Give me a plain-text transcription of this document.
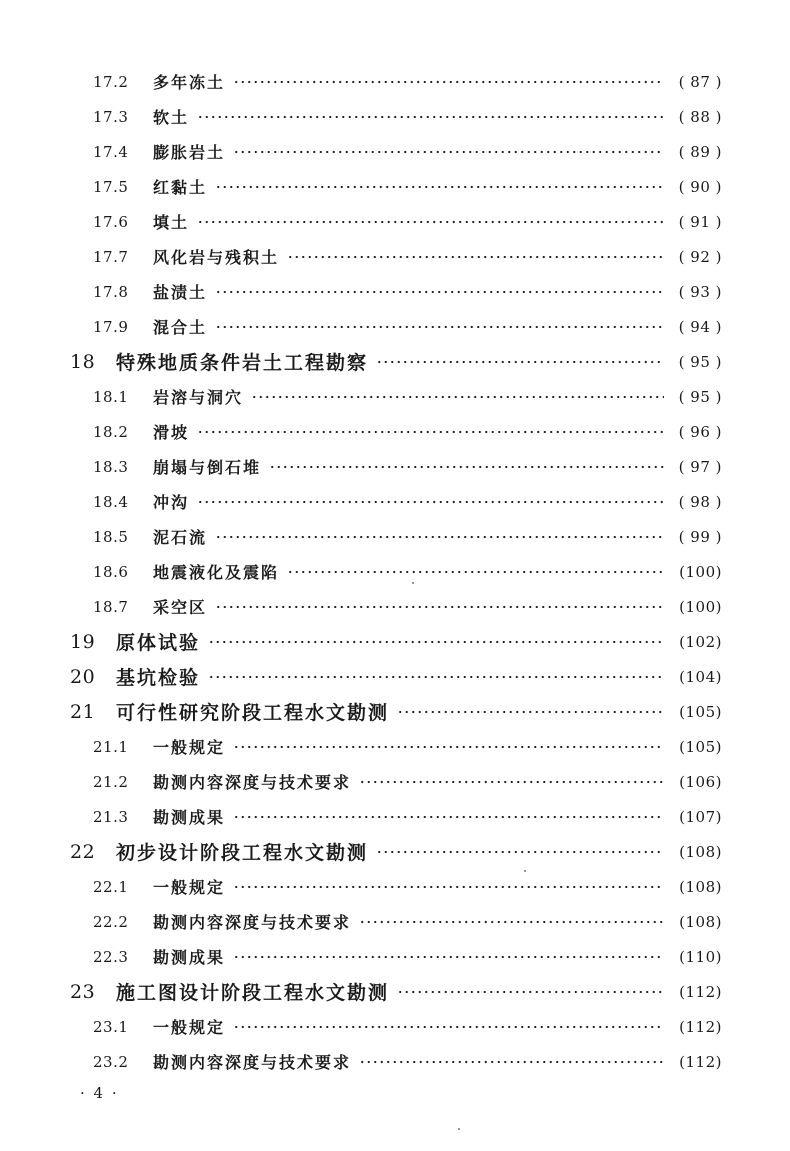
17.2	多年冻土	( 87 )
17.3	软土	( 88 )
17.4	膨胀岩土	( 89 )
17.5	红黏土	( 90 )
17.6	填土	( 91 )
17.7	风化岩与残积土	( 92 )
17.8	盐渍土	( 93 )
17.9	混合土	( 94 )
18	特殊地质条件岩土工程勘察	( 95 )
18.1	岩溶与洞穴	( 95 )
18.2	滑坡	( 96 )
18.3	崩塌与倒石堆	( 97 )
18.4	冲沟	( 98 )
18.5	泥石流	( 99 )
18.6	地震液化及震陷	(100)
18.7	采空区	(100)
19	原体试验	(102)
20	基坑检验	(104)
21	可行性研究阶段工程水文勘测	(105)
21.1	一般规定	(105)
21.2	勘测内容深度与技术要求	(106)
21.3	勘测成果	(107)
22	初步设计阶段工程水文勘测	(108)
22.1	一般规定	(108)
22.2	勘测内容深度与技术要求	(108)
22.3	勘测成果	(110)
23	施工图设计阶段工程水文勘测	(112)
23.1	一般规定	(112)
23.2	勘测内容深度与技术要求	(112)
· 4 ·
